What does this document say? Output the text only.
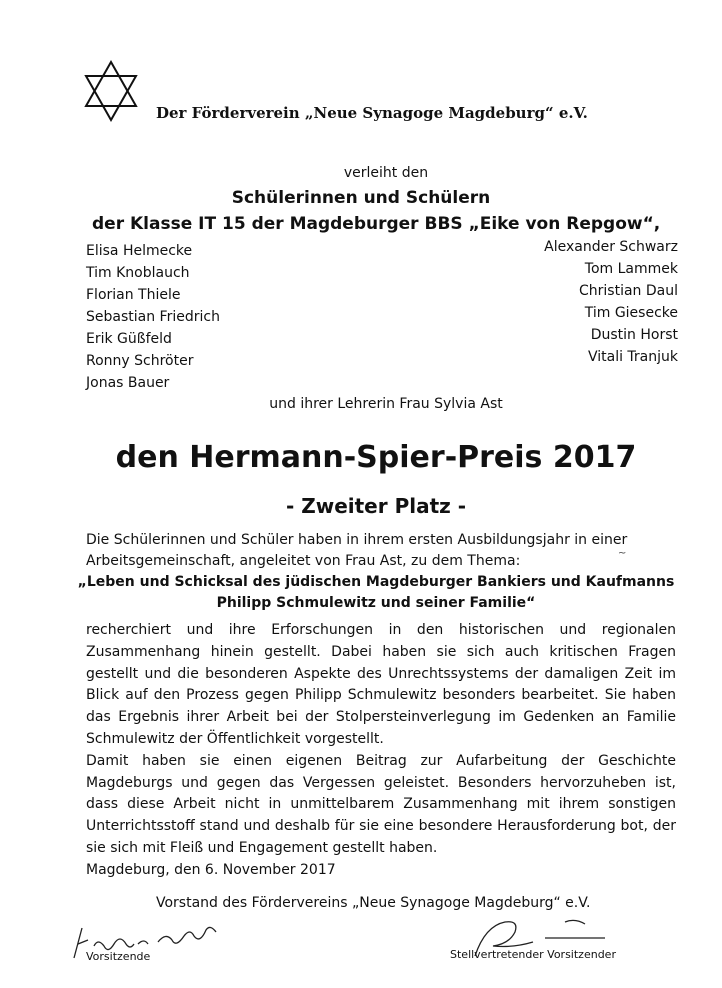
Der Förderverein „Neue Synagoge Magdeburg“ e.V.
verleiht den
Schülerinnen und Schülern
der Klasse IT 15 der Magdeburger BBS „Eike von Repgow“,
Elisa Helmecke
Tim Knoblauch
Florian Thiele
Sebastian Friedrich
Erik Güßfeld
Ronny Schröter
Jonas Bauer
Alexander Schwarz
Tom Lammek
Christian Daul
Tim Giesecke
Dustin Horst
Vitali Tranjuk
und ihrer Lehrerin Frau Sylvia Ast
den Hermann-Spier-Preis 2017
- Zweiter Platz -
Die Schülerinnen und Schüler haben in ihrem ersten Ausbildungsjahr in einer
Arbeitsgemeinschaft, angeleitet von Frau Ast, zu dem Thema:	~
„Leben und Schicksal des jüdischen Magdeburger Bankiers und Kaufmanns
Philipp Schmulewitz und seiner Familie“

recherchiert und ihre Erforschungen in den historischen und regionalen Zusammenhang hinein gestellt. Dabei haben sie sich auch kritischen Fragen gestellt und die besonderen Aspekte des Unrechtssystems der damaligen Zeit im Blick auf den Prozess gegen Philipp Schmulewitz besonders bearbeitet. Sie haben das Ergebnis ihrer Arbeit bei der Stolpersteinverlegung im Gedenken an Familie Schmulewitz der Öffentlichkeit vorgestellt.

Damit haben sie einen eigenen Beitrag zur Aufarbeitung der Geschichte Magdeburgs und gegen das Vergessen geleistet. Besonders hervorzuheben ist, dass diese Arbeit nicht in unmittelbarem Zusammenhang mit ihrem sonstigen Unterrichtsstoff stand und deshalb für sie eine besondere Herausforderung bot, der sie sich mit Fleiß und Engagement gestellt haben.

Magdeburg, den 6. November 2017
Vorstand des Fördervereins „Neue Synagoge Magdeburg“ e.V.
Vorsitzende	Stellvertretender Vorsitzender
